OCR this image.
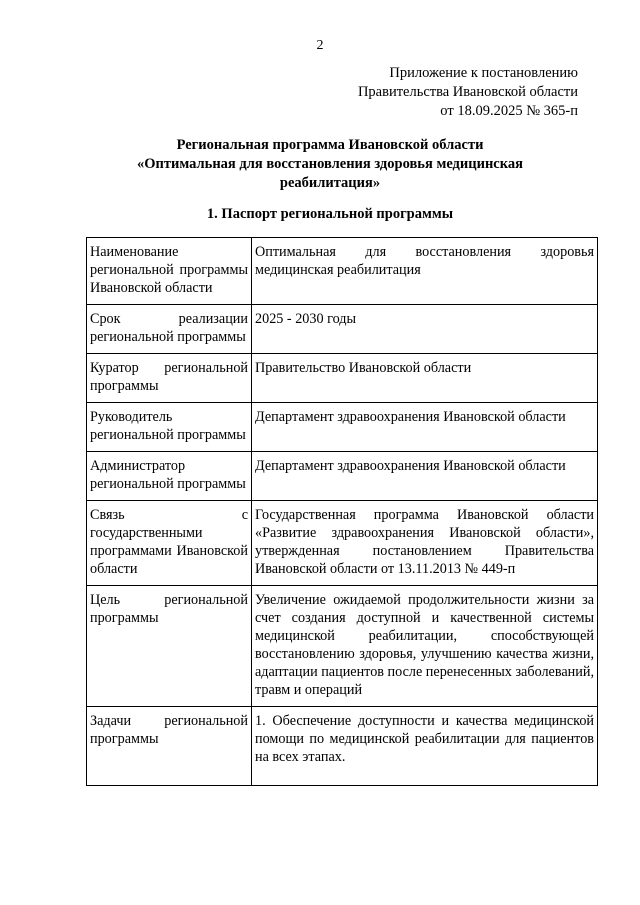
2
Приложение к постановлению
Правительства Ивановской области
от 18.09.2025 № 365-п
Региональная программа Ивановской области
«Оптимальная для восстановления здоровья медицинская
реабилитация»
1. Паспорт региональной программы
Наименование региональной программы Ивановской области	Оптимальная для восстановления здоровья медицинская реабилитация
Срок реализации региональной программы	2025 - 2030 годы
Куратор региональной программы	Правительство Ивановской области
Руководитель региональной программы	Департамент здравоохранения Ивановской области
Администратор региональной программы	Департамент здравоохранения Ивановской области
Связь с государственными программами Ивановской области	Государственная программа Ивановской области «Развитие здравоохранения Ивановской области», утвержденная постановлением Правительства Ивановской области от 13.11.2013 № 449-п
Цель региональной программы	Увеличение ожидаемой продолжительности жизни за счет создания доступной и качественной системы медицинской реабилитации, способствующей восстановлению здоровья, улучшению качества жизни, адаптации пациентов после перенесенных заболеваний, травм и операций
Задачи региональной программы	1. Обеспечение доступности и качества медицинской помощи по медицинской реабилитации для пациентов на всех этапах.
